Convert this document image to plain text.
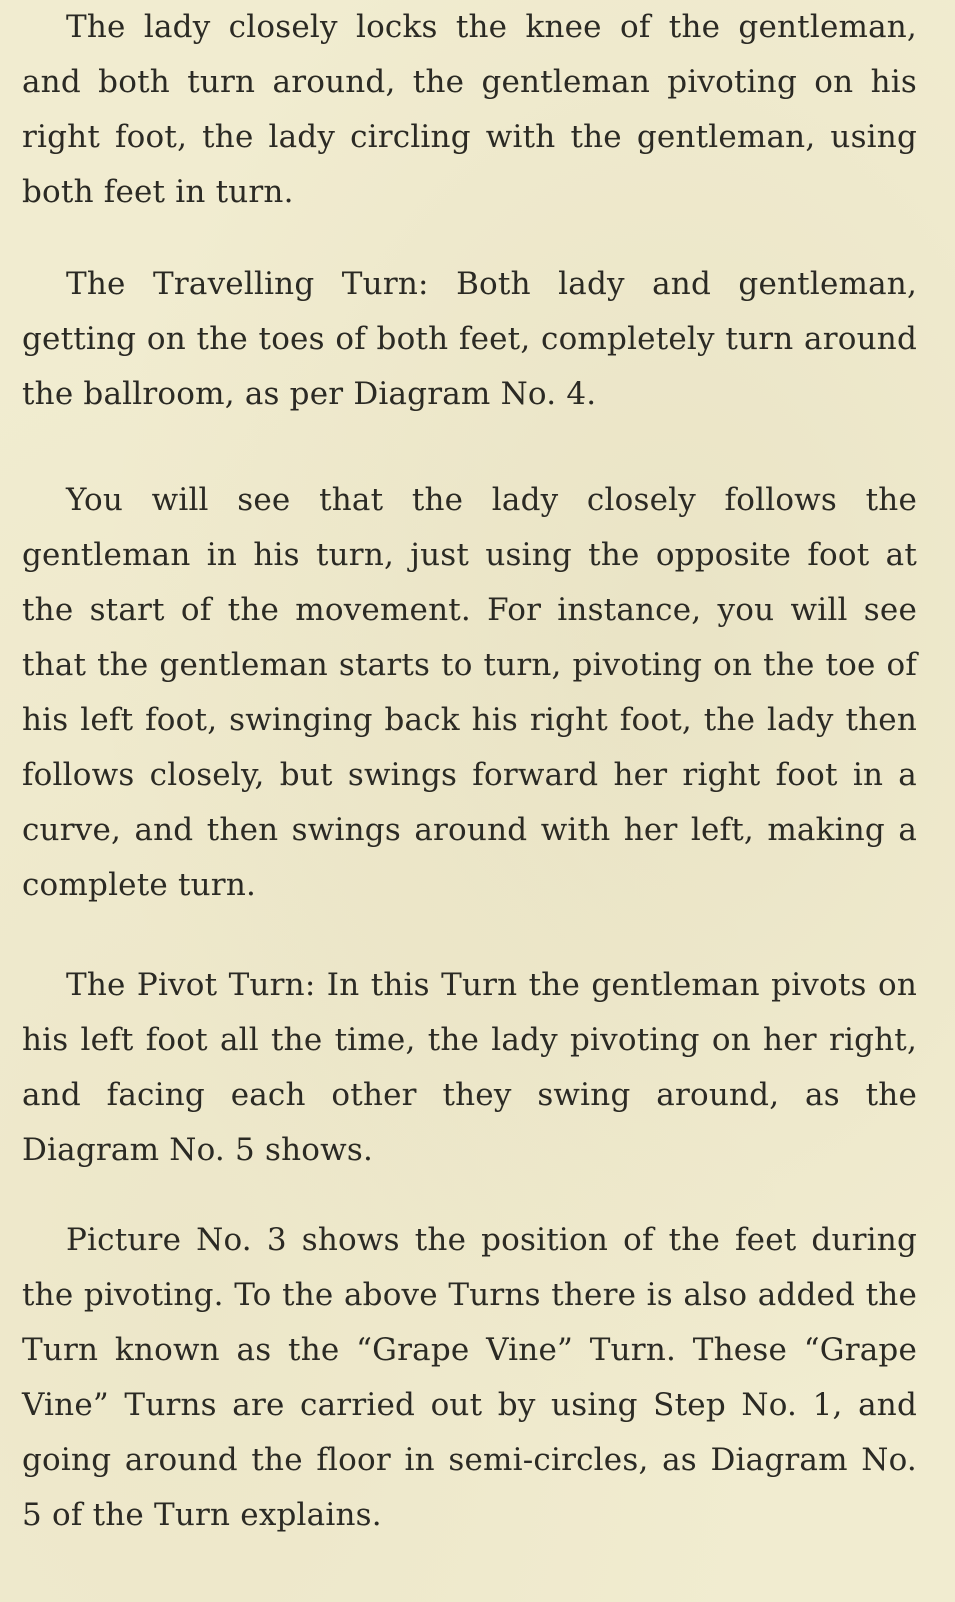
The lady closely locks the knee of the gentleman, and both turn around, the gentleman pivoting on his right foot, the lady circling with the gentleman, using both feet in turn.

The Travelling Turn: Both lady and gentleman, getting on the toes of both feet, completely turn around the ballroom, as per Diagram No. 4.

You will see that the lady closely follows the gentleman in his turn, just using the opposite foot at the start of the movement. For instance, you will see that the gentleman starts to turn, pivoting on the toe of his left foot, swinging back his right foot, the lady then follows closely, but swings forward her right foot in a curve, and then swings around with her left, making a complete turn.

The Pivot Turn: In this Turn the gentleman pivots on his left foot all the time, the lady pivoting on her right, and facing each other they swing around, as the Diagram No. 5 shows.

Picture No. 3 shows the position of the feet during the pivoting. To the above Turns there is also added the Turn known as the “Grape Vine” Turn. These “Grape Vine” Turns are carried out by using Step No. 1, and going around the floor in semi-circles, as Diagram No. 5 of the Turn explains.
